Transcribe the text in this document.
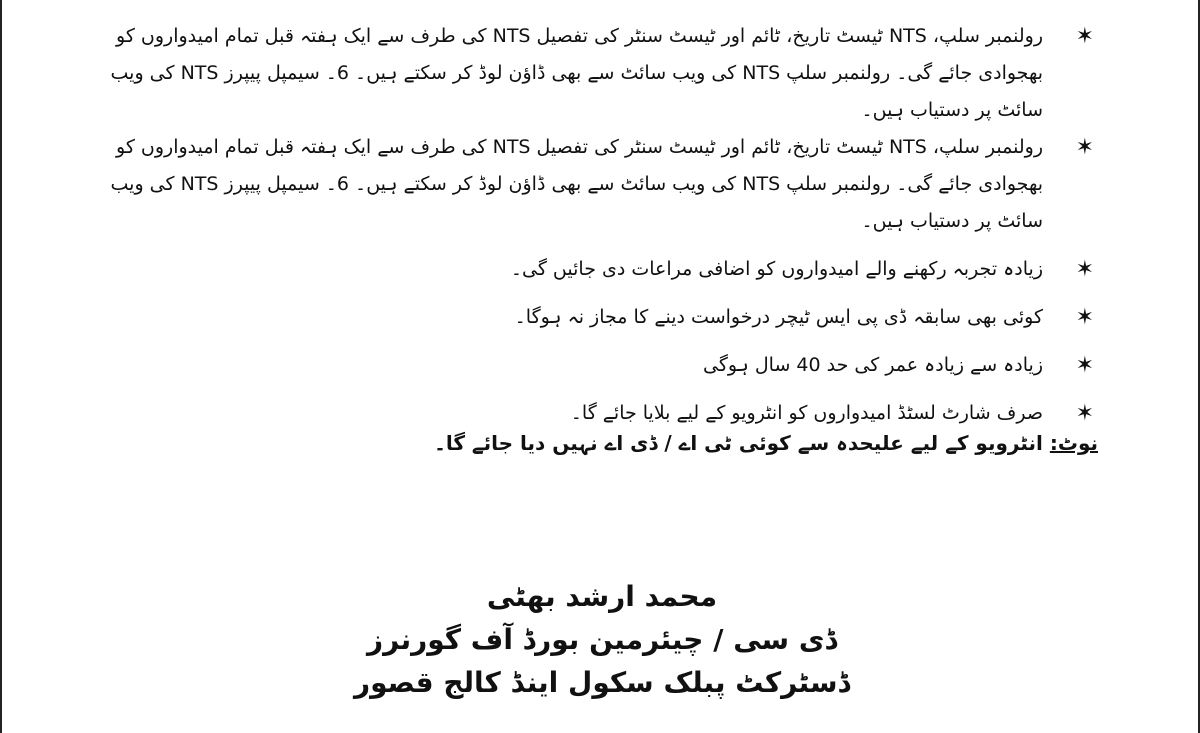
✶
رولنمبر سلپ، NTS ٹیسٹ تاریخ، ٹائم اور ٹیسٹ سنٹر کی تفصیل NTS کی طرف سے ایک ہفتہ قبل تمام امیدواروں کو بھجوادی جائے گی۔ رولنمبر سلپ NTS کی ویب سائٹ سے بھی ڈاؤن لوڈ کر سکتے ہیں۔ 6۔ سیمپل پیپرز NTS کی ویب سائٹ پر دستیاب ہیں۔
✶
رولنمبر سلپ، NTS ٹیسٹ تاریخ، ٹائم اور ٹیسٹ سنٹر کی تفصیل NTS کی طرف سے ایک ہفتہ قبل تمام امیدواروں کو بھجوادی جائے گی۔ رولنمبر سلپ NTS کی ویب سائٹ سے بھی ڈاؤن لوڈ کر سکتے ہیں۔ 6۔ سیمپل پیپرز NTS کی ویب سائٹ پر دستیاب ہیں۔
✶
زیادہ تجربہ رکھنے والے امیدواروں کو اضافی مراعات دی جائیں گی۔
✶
کوئی بھی سابقہ ڈی پی ایس ٹیچر درخواست دینے کا مجاز نہ ہوگا۔
✶
زیادہ سے زیادہ عمر کی حد 40 سال ہوگی
✶
صرف شارٹ لسٹڈ امیدواروں کو انٹرویو کے لیے بلایا جائے گا۔
نوٹ: انٹرویو کے لیے علیحدہ سے کوئی ٹی اے / ڈی اے نہیں دیا جائے گا۔
محمد ارشد بھٹی
ڈی سی / چیئرمین بورڈ آف گورنرز
ڈسٹرکٹ پبلک سکول اینڈ کالج قصور
